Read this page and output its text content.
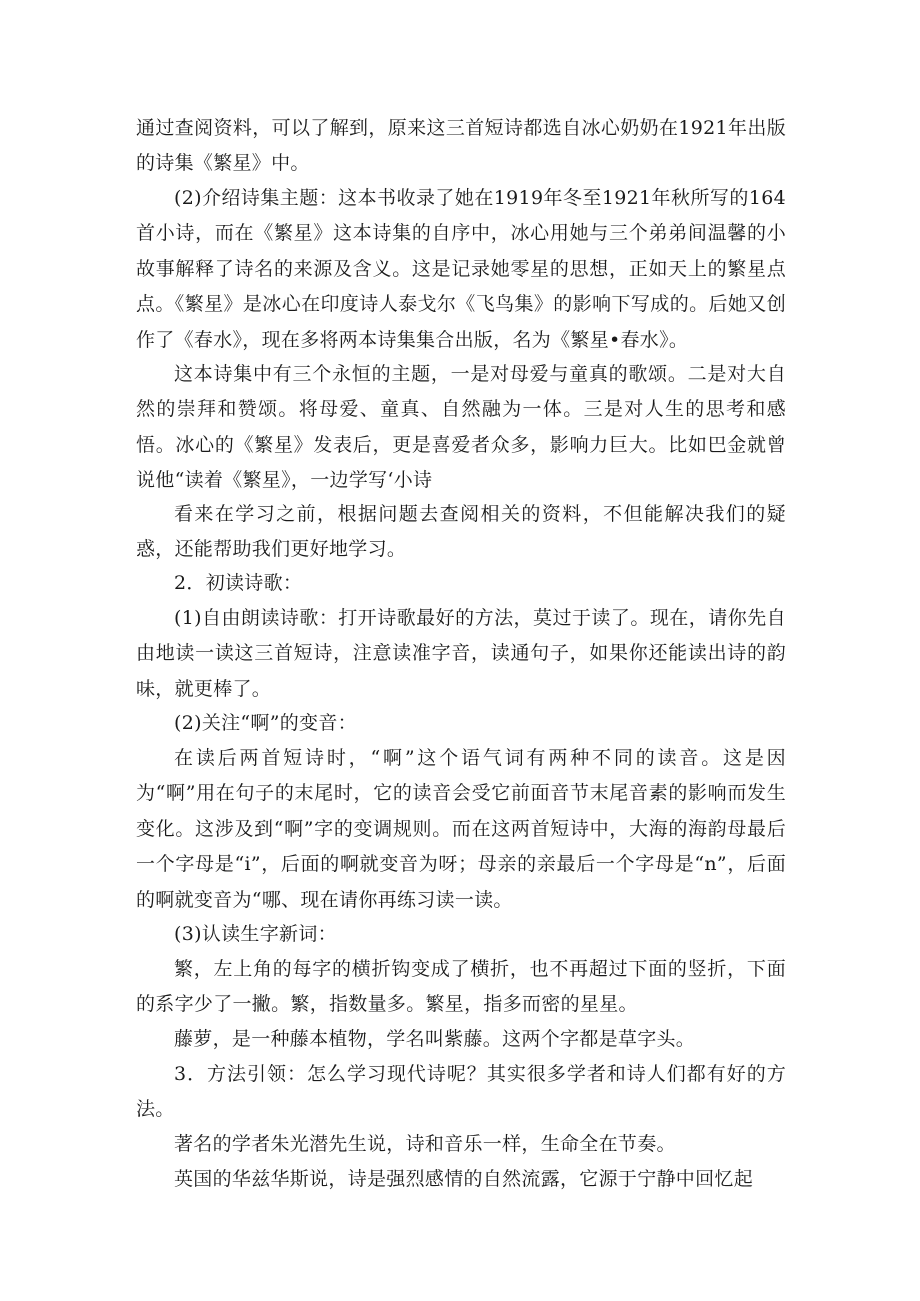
通过查阅资料，可以了解到，原来这三首短诗都选自冰心奶奶在1921年出版的诗集《繁星》中。

(2)介绍诗集主题：这本书收录了她在1919年冬至1921年秋所写的164首小诗，而在《繁星》这本诗集的自序中，冰心用她与三个弟弟间温馨的小故事解释了诗名的来源及含义。这是记录她零星的思想，正如天上的繁星点点。《繁星》是冰心在印度诗人泰戈尔《飞鸟集》的影响下写成的。后她又创作了《春水》，现在多将两本诗集集合出版，名为《繁星•春水》。

这本诗集中有三个永恒的主题，一是对母爱与童真的歌颂。二是对大自然的崇拜和赞颂。将母爱、童真、自然融为一体。三是对人生的思考和感悟。冰心的《繁星》发表后，更是喜爱者众多，影响力巨大。比如巴金就曾说他“读着《繁星》，一边学写‘小诗

看来在学习之前，根据问题去查阅相关的资料，不但能解决我们的疑惑，还能帮助我们更好地学习。

2．初读诗歌：

(1)自由朗读诗歌：打开诗歌最好的方法，莫过于读了。现在，请你先自由地读一读这三首短诗，注意读准字音，读通句子，如果你还能读出诗的韵味，就更棒了。

(2)关注“啊”的变音：

在读后两首短诗时，“啊”这个语气词有两种不同的读音。这是因为“啊”用在句子的末尾时，它的读音会受它前面音节末尾音素的影响而发生变化。这涉及到“啊”字的变调规则。而在这两首短诗中，大海的海韵母最后一个字母是“i”，后面的啊就变音为呀；母亲的亲最后一个字母是“n”，后面的啊就变音为“哪、现在请你再练习读一读。

(3)认读生字新词：

繁，左上角的每字的横折钩变成了横折，也不再超过下面的竖折，下面的系字少了一撇。繁，指数量多。繁星，指多而密的星星。

藤萝，是一种藤本植物，学名叫紫藤。这两个字都是草字头。

3．方法引领：怎么学习现代诗呢？其实很多学者和诗人们都有好的方法。

著名的学者朱光潜先生说，诗和音乐一样，生命全在节奏。

英国的华兹华斯说，诗是强烈感情的自然流露，它源于宁静中回忆起
